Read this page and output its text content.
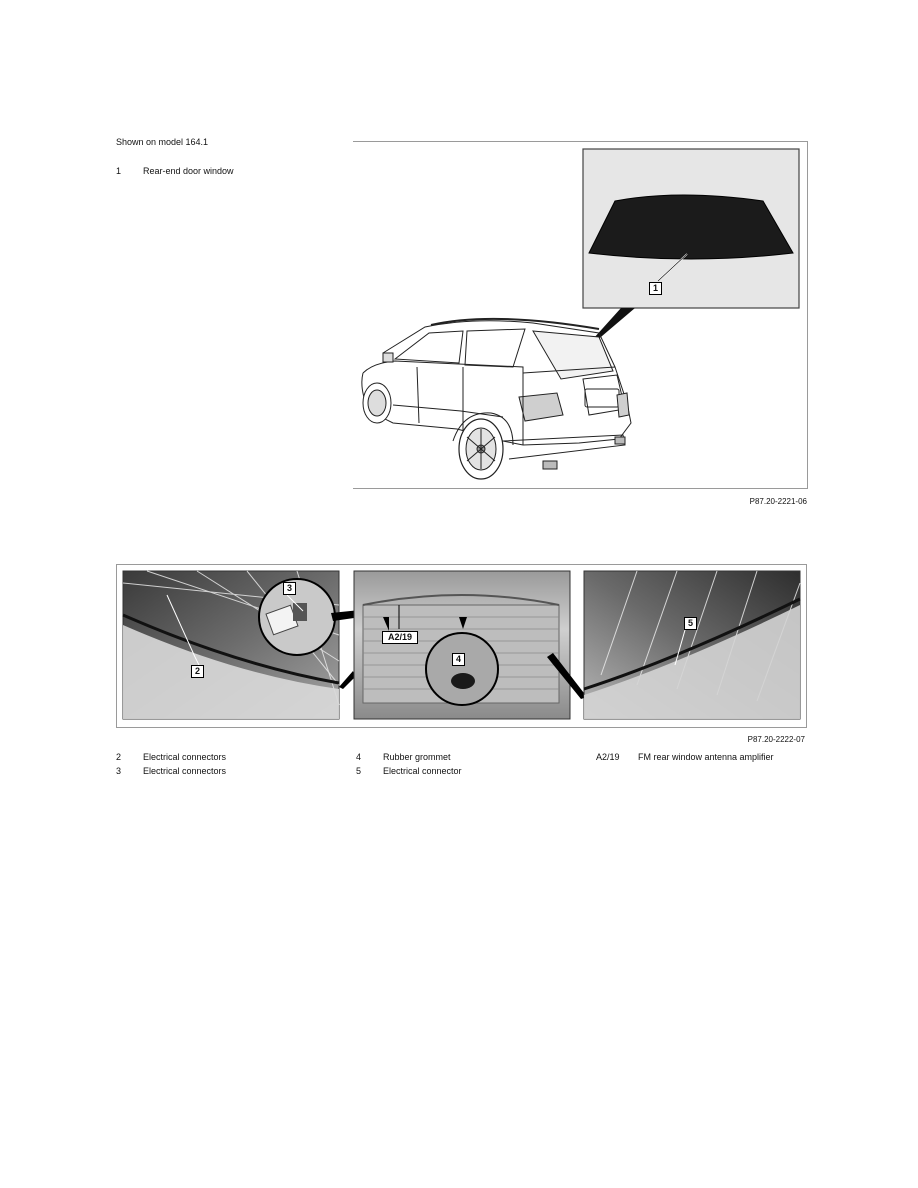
Shown on model 164.1
1 Rear-end door window
1
P87.20-2221-06
2
3
A2/19
4
5
P87.20-2222-07
2 Electrical connectors
3 Electrical connectors
4 Rubber grommet
5 Electrical connector
A2/19 FM rear window antenna amplifier
